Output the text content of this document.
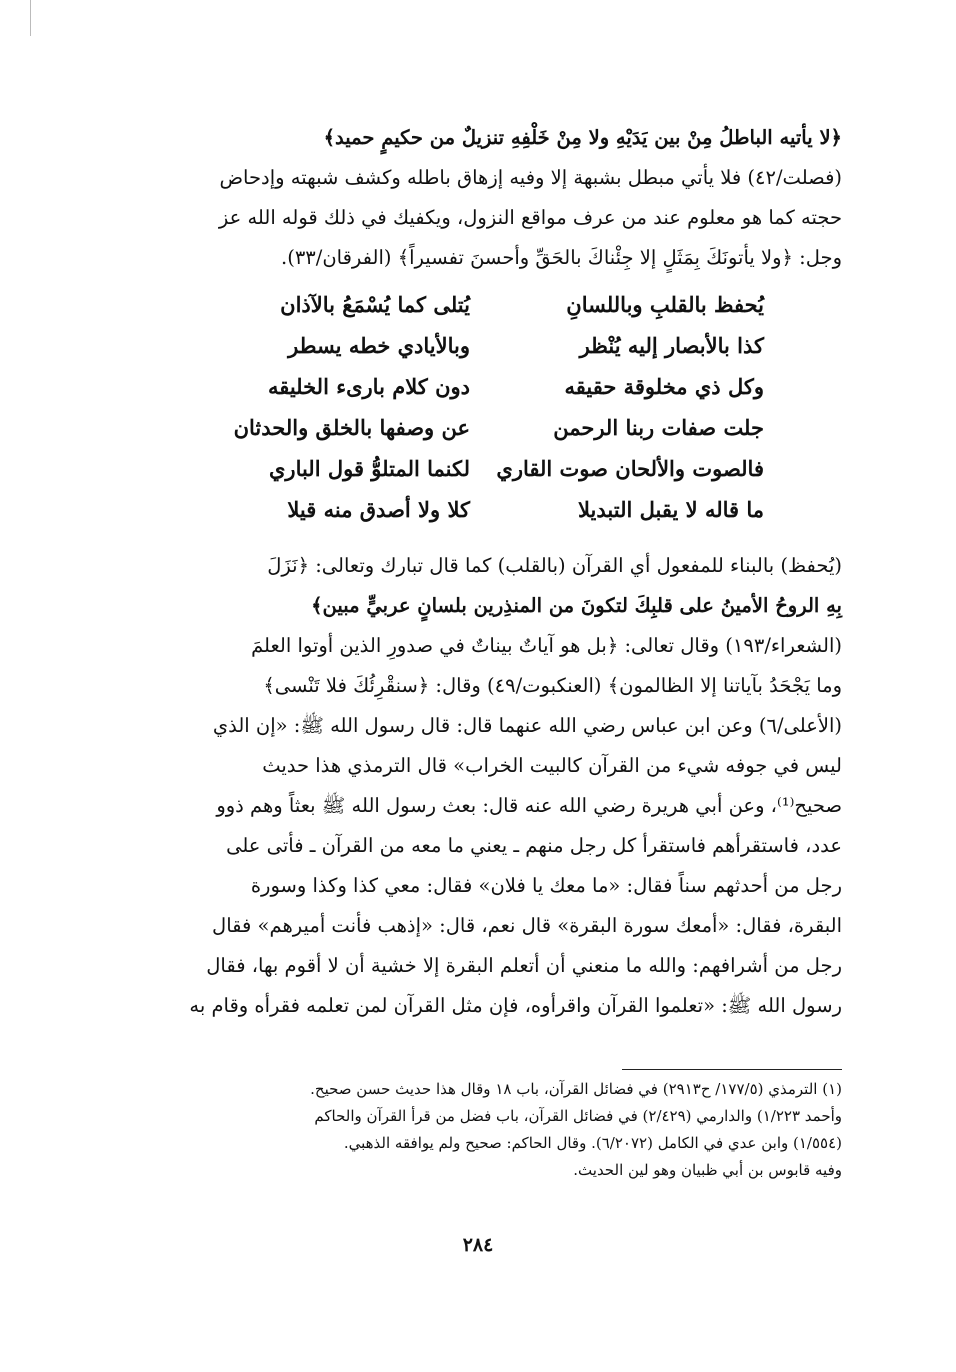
﴿لا يأتيه الباطلُ مِنْ بين يَدَيْهِ ولا مِنْ خَلْفِهِ تنزيلٌ من حكيمٍ حميد﴾

(فصلت/٤٢) فلا يأتي مبطل بشبهة إلا وفيه إزهاق باطله وكشف شبهته وإدحاض

حجته كما هو معلوم عند من عرف مواقع النزول، ويكفيك في ذلك قوله الله عز

وجل: ﴿ولا يأتونَكَ بِمَثَلٍ إلا جِئْناكَ بالحَقِّ وأحسنَ تفسيراً﴾ (الفرقان/٣٣).

يُحفظ بالقلبِ وباللسانِ
يُتلى كما يُسْمَعُ بالآذان
كذا بالأبصار إليه يُنْظر
وبالأيادي خطه يسطر
وكل ذي مخلوقة حقيقه
دون كلام بارىء الخليقه
جلت صفات ربنا الرحمن
عن وصفها بالخلق والحدثان
فالصوت والألحان صوت القاري
لكنما المتلوُّ قول الباري
ما قاله لا يقبل التبديلا
كلا ولا أصدق منه قيلا

(يُحفظ) بالبناء للمفعول أي القرآن (بالقلب) كما قال تبارك وتعالى: ﴿نَزَلَ

بِهِ الروحُ الأمينُ على قلبِكَ لتكونَ من المنذِرين بلسانٍ عربيٍّ مبين﴾

(الشعراء/١٩٣) وقال تعالى: ﴿بل هو آياتٌ بيناتٌ في صدورِ الذين أوتوا العلمَ

وما يَجْحَدُ بآياتنا إلا الظالمون﴾ (العنكبوت/٤٩) وقال: ﴿سنقْرِئُكَ فلا تَنْسى﴾

(الأعلى/٦) وعن ابن عباس رضي الله عنهما قال: قال رسول الله ﷺ: «إن الذي

ليس في جوفه شيء من القرآن كالبيت الخراب» قال الترمذي هذا حديث

صحيح⁽¹⁾، وعن أبي هريرة رضي الله عنه قال: بعث رسول الله ﷺ بعثاً وهم ذوو

عدد، فاستقرأهم فاستقرأ كل رجل منهم ـ يعني ما معه من القرآن ـ فأتى على

رجل من أحدثهم سناً فقال: «ما معك يا فلان» فقال: معي كذا وكذا وسورة

البقرة، فقال: «أمعك سورة البقرة» قال نعم، قال: «إذهب فأنت أميرهم» فقال

رجل من أشرافهم: والله ما منعني أن أتعلم البقرة إلا خشية أن لا أقوم بها، فقال

رسول الله ﷺ: «تعلموا القرآن واقرأوه، فإن مثل القرآن لمن تعلمه فقرأه وقام به

(١) الترمذي (١٧٧/٥/ ح٢٩١٣) في فضائل القرآن، باب ١٨ وقال هذا حديث حسن صحيح.

وأحمد ١/٢٢٣) والدارمي (٢/٤٢٩) في فضائل القرآن، باب فضل من قرأ القرآن والحاكم

(١/٥٥٤) وابن عدي في الكامل (٦/٢٠٧٢). وقال الحاكم: صحيح ولم يوافقه الذهبي.

وفيه قابوس بن أبي ظبيان وهو لين الحديث.

٢٨٤
